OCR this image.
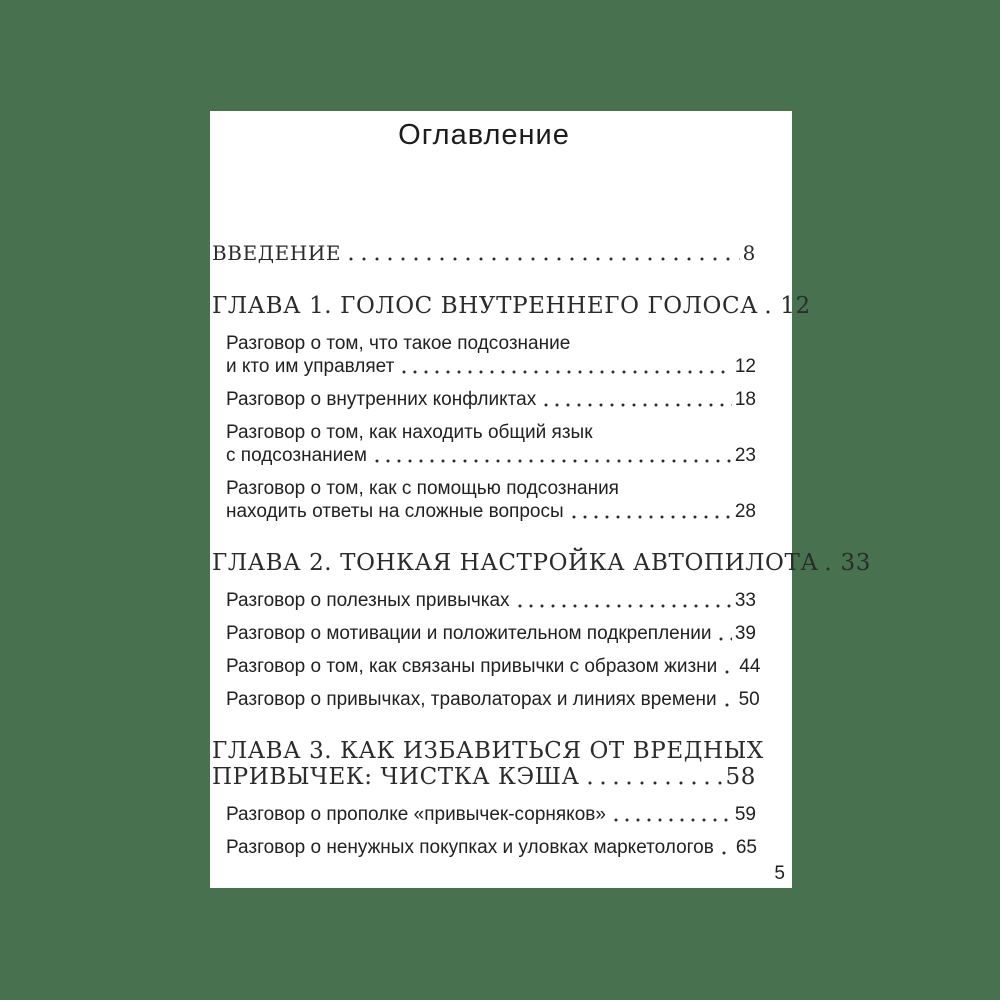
Оглавление
ВВЕДЕНИЕ	8
ГЛАВА 1. ГОЛОС ВНУТРЕННЕГО ГОЛОСА 12
Разговор о том, что такое подсознание
и кто им управляет	12
Разговор о внутренних конфликтах	18
Разговор о том, как находить общий язык
с подсознанием	23
Разговор о том, как с помощью подсознания
находить ответы на сложные вопросы	28
ГЛАВА 2. ТОНКАЯ НАСТРОЙКА АВТОПИЛОТА 33
Разговор о полезных привычках	33
Разговор о мотивации и положительном подкреплении 39
Разговор о том, как связаны привычки с образом жизни 44
Разговор о привычках, траволаторах и линиях времени 50
ГЛАВА 3. КАК ИЗБАВИТЬСЯ ОТ ВРЕДНЫХ
ПРИВЫЧЕК: ЧИСТКА КЭША	58
Разговор о прополке «привычек-сорняков»	59
Разговор о ненужных покупках и уловках маркетологов 65
5
